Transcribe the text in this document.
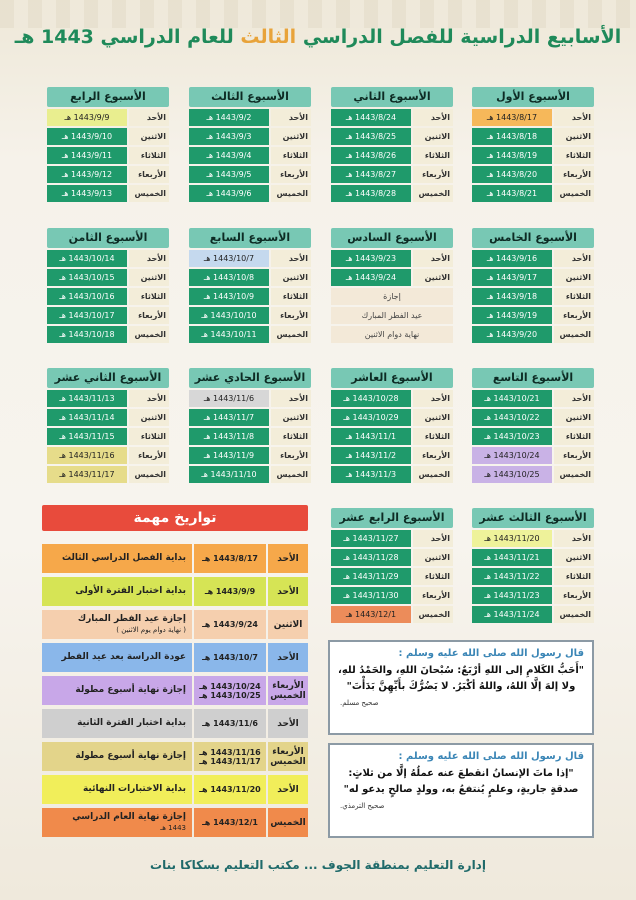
الأسابيع الدراسية للفصل الدراسي الثالث للعام الدراسي 1443 هـ
الأسبوع الأول
الأحد
1443/8/17 هـ
الاثنين
1443/8/18 هـ
الثلاثاء
1443/8/19 هـ
الأربعاء
1443/8/20 هـ
الخميس
1443/8/21 هـ
الأسبوع الثاني
الأحد
1443/8/24 هـ
الاثنين
1443/8/25 هـ
الثلاثاء
1443/8/26 هـ
الأربعاء
1443/8/27 هـ
الخميس
1443/8/28 هـ
الأسبوع الثالث
الأحد
1443/9/2 هـ
الاثنين
1443/9/3 هـ
الثلاثاء
1443/9/4 هـ
الأربعاء
1443/9/5 هـ
الخميس
1443/9/6 هـ
الأسبوع الرابع
الأحد
1443/9/9 هـ
الاثنين
1443/9/10 هـ
الثلاثاء
1443/9/11 هـ
الأربعاء
1443/9/12 هـ
الخميس
1443/9/13 هـ
الأسبوع الخامس
الأحد
1443/9/16 هـ
الاثنين
1443/9/17 هـ
الثلاثاء
1443/9/18 هـ
الأربعاء
1443/9/19 هـ
الخميس
1443/9/20 هـ
الأسبوع السادس
الأحد
1443/9/23 هـ
الاثنين
1443/9/24 هـ
إجازة
عيد الفطر المبارك
نهاية دوام الاثنين
الأسبوع السابع
الأحد
1443/10/7 هـ
الاثنين
1443/10/8 هـ
الثلاثاء
1443/10/9 هـ
الأربعاء
1443/10/10 هـ
الخميس
1443/10/11 هـ
الأسبوع الثامن
الأحد
1443/10/14 هـ
الاثنين
1443/10/15 هـ
الثلاثاء
1443/10/16 هـ
الأربعاء
1443/10/17 هـ
الخميس
1443/10/18 هـ
الأسبوع التاسع
الأحد
1443/10/21 هـ
الاثنين
1443/10/22 هـ
الثلاثاء
1443/10/23 هـ
الأربعاء
1443/10/24 هـ
الخميس
1443/10/25 هـ
الأسبوع العاشر
الأحد
1443/10/28 هـ
الاثنين
1443/10/29 هـ
الثلاثاء
1443/11/1 هـ
الأربعاء
1443/11/2 هـ
الخميس
1443/11/3 هـ
الأسبوع الحادي عشر
الأحد
1443/11/6 هـ
الاثنين
1443/11/7 هـ
الثلاثاء
1443/11/8 هـ
الأربعاء
1443/11/9 هـ
الخميس
1443/11/10 هـ
الأسبوع الثاني عشر
الأحد
1443/11/13 هـ
الاثنين
1443/11/14 هـ
الثلاثاء
1443/11/15 هـ
الأربعاء
1443/11/16 هـ
الخميس
1443/11/17 هـ
الأسبوع الثالث عشر
الأحد
1443/11/20 هـ
الاثنين
1443/11/21 هـ
الثلاثاء
1443/11/22 هـ
الأربعاء
1443/11/23 هـ
الخميس
1443/11/24 هـ
الأسبوع الرابع عشر
الأحد
1443/11/27 هـ
الاثنين
1443/11/28 هـ
الثلاثاء
1443/11/29 هـ
الأربعاء
1443/11/30 هـ
الخميس
1443/12/1 هـ
تواريخ مهمة
الأحد
1443/8/17 هـ
بداية الفصل الدراسي الثالث
الأحد
1443/9/9 هـ
بداية اختبار الفترة الأولى
الاثنين
1443/9/24 هـ
إجازة عيد الفطر المبارك
( نهاية دوام يوم الاثنين )
الأحد
1443/10/7 هـ
عودة الدراسة بعد عيد الفطر
الأربعاء الخميس
1443/10/24 هـ
1443/10/25 هـ
إجازة نهاية أسبوع مطولة
الأحد
1443/11/6 هـ
بداية اختبار الفترة الثانية
الأربعاء الخميس
1443/11/16 هـ
1443/11/17 هـ
إجازة نهاية أسبوع مطولة
الأحد
1443/11/20 هـ
بداية الاختبارات النهائية
الخميس
1443/12/1 هـ
إجازة نهاية العام الدراسي
1443 هـ
قال رسول الله صلى الله عليه وسلم :
"أَحَبُّ الكَلامِ إلى اللهِ أرْبَعٌ: سُبْحانَ اللهِ، والحَمْدُ للهِ، ولا إلهَ إلَّا اللهُ، واللهُ أكْبَرُ. لا يَضُرُّكَ بأَيِّهِنَّ بَدَأْتَ"
صحيح مسلم.
قال رسول الله صلى الله عليه وسلم :
"إذا ماتَ الإنسانُ انقطعَ عنه عملُهُ إلَّا من ثلاثٍ: صدقةٍ جاريةٍ، وعلمٍ يُنتفعُ به، وولدٍ صالحٍ يدعو له"
صحيح الترمذي.
إدارة التعليم بمنطقة الجوف ... مكتب التعليم بسكاكا بنات
